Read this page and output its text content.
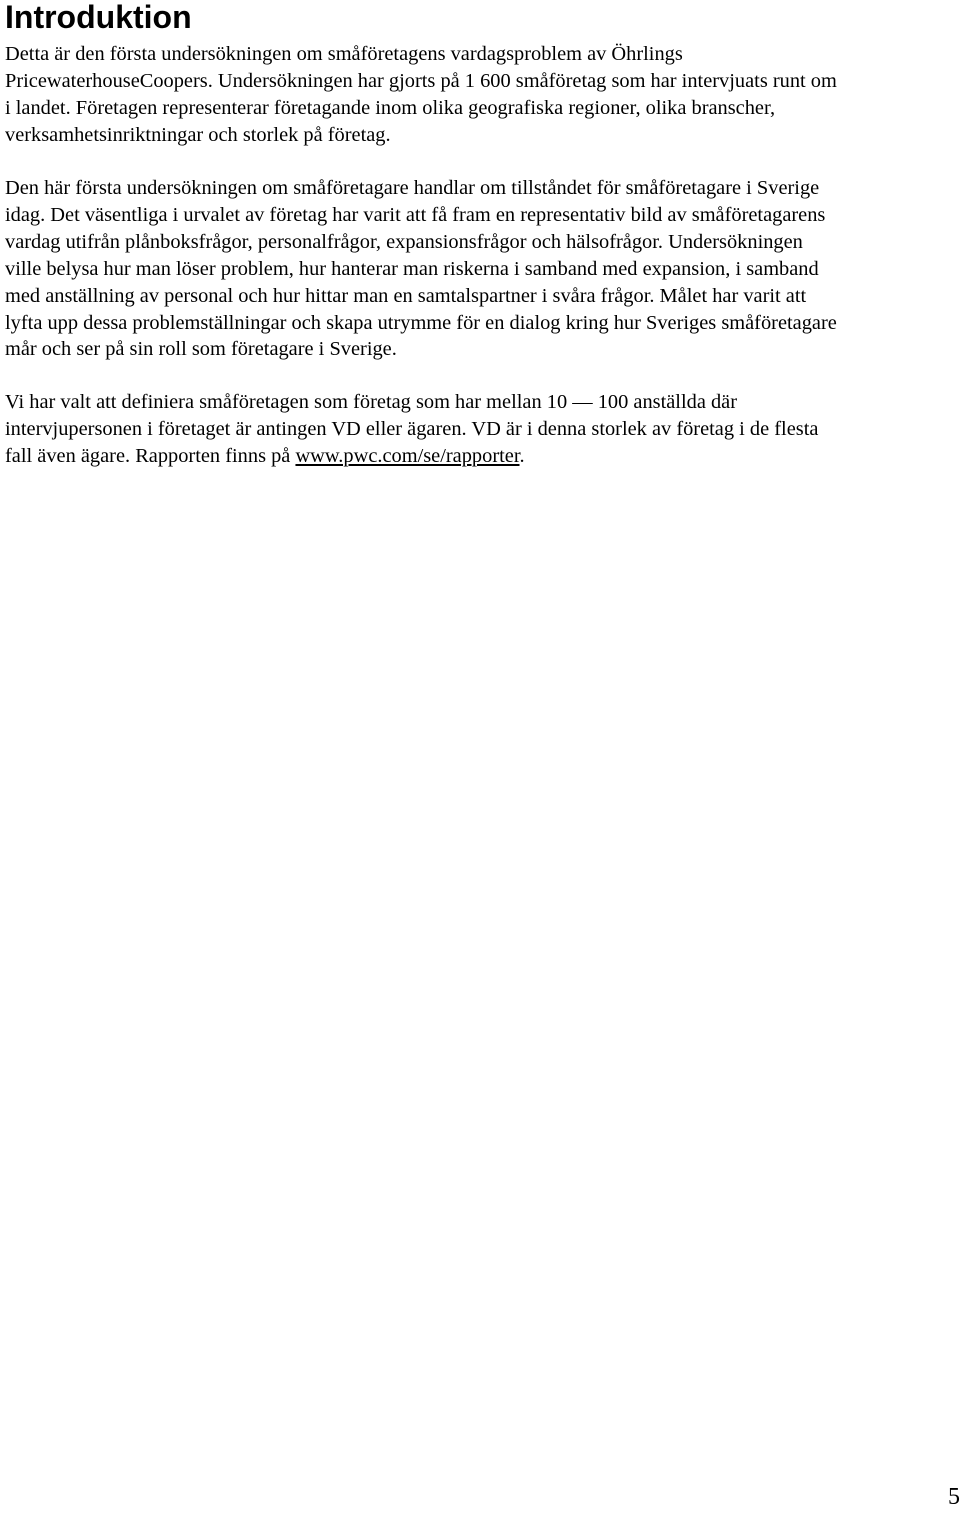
Introduktion

Detta är den första undersökningen om småföretagens vardagsproblem av Öhrlings
PricewaterhouseCoopers. Undersökningen har gjorts på 1 600 småföretag som har intervjuats runt om
i landet. Företagen representerar företagande inom olika geografiska regioner, olika branscher,
verksamhetsinriktningar och storlek på företag.

Den här första undersökningen om småföretagare handlar om tillståndet för småföretagare i Sverige
idag. Det väsentliga i urvalet av företag har varit att få fram en representativ bild av småföretagarens
vardag utifrån plånboksfrågor, personalfrågor, expansionsfrågor och hälsofrågor. Undersökningen
ville belysa hur man löser problem, hur hanterar man riskerna i samband med expansion, i samband
med anställning av personal och hur hittar man en samtalspartner i svåra frågor. Målet har varit att
lyfta upp dessa problemställningar och skapa utrymme för en dialog kring hur Sveriges småföretagare
mår och ser på sin roll som företagare i Sverige.

Vi har valt att definiera småföretagen som företag som har mellan 10 — 100 anställda där
intervjupersonen i företaget är antingen VD eller ägaren. VD är i denna storlek av företag i de flesta
fall även ägare. Rapporten finns på www.pwc.com/se/rapporter.

5
